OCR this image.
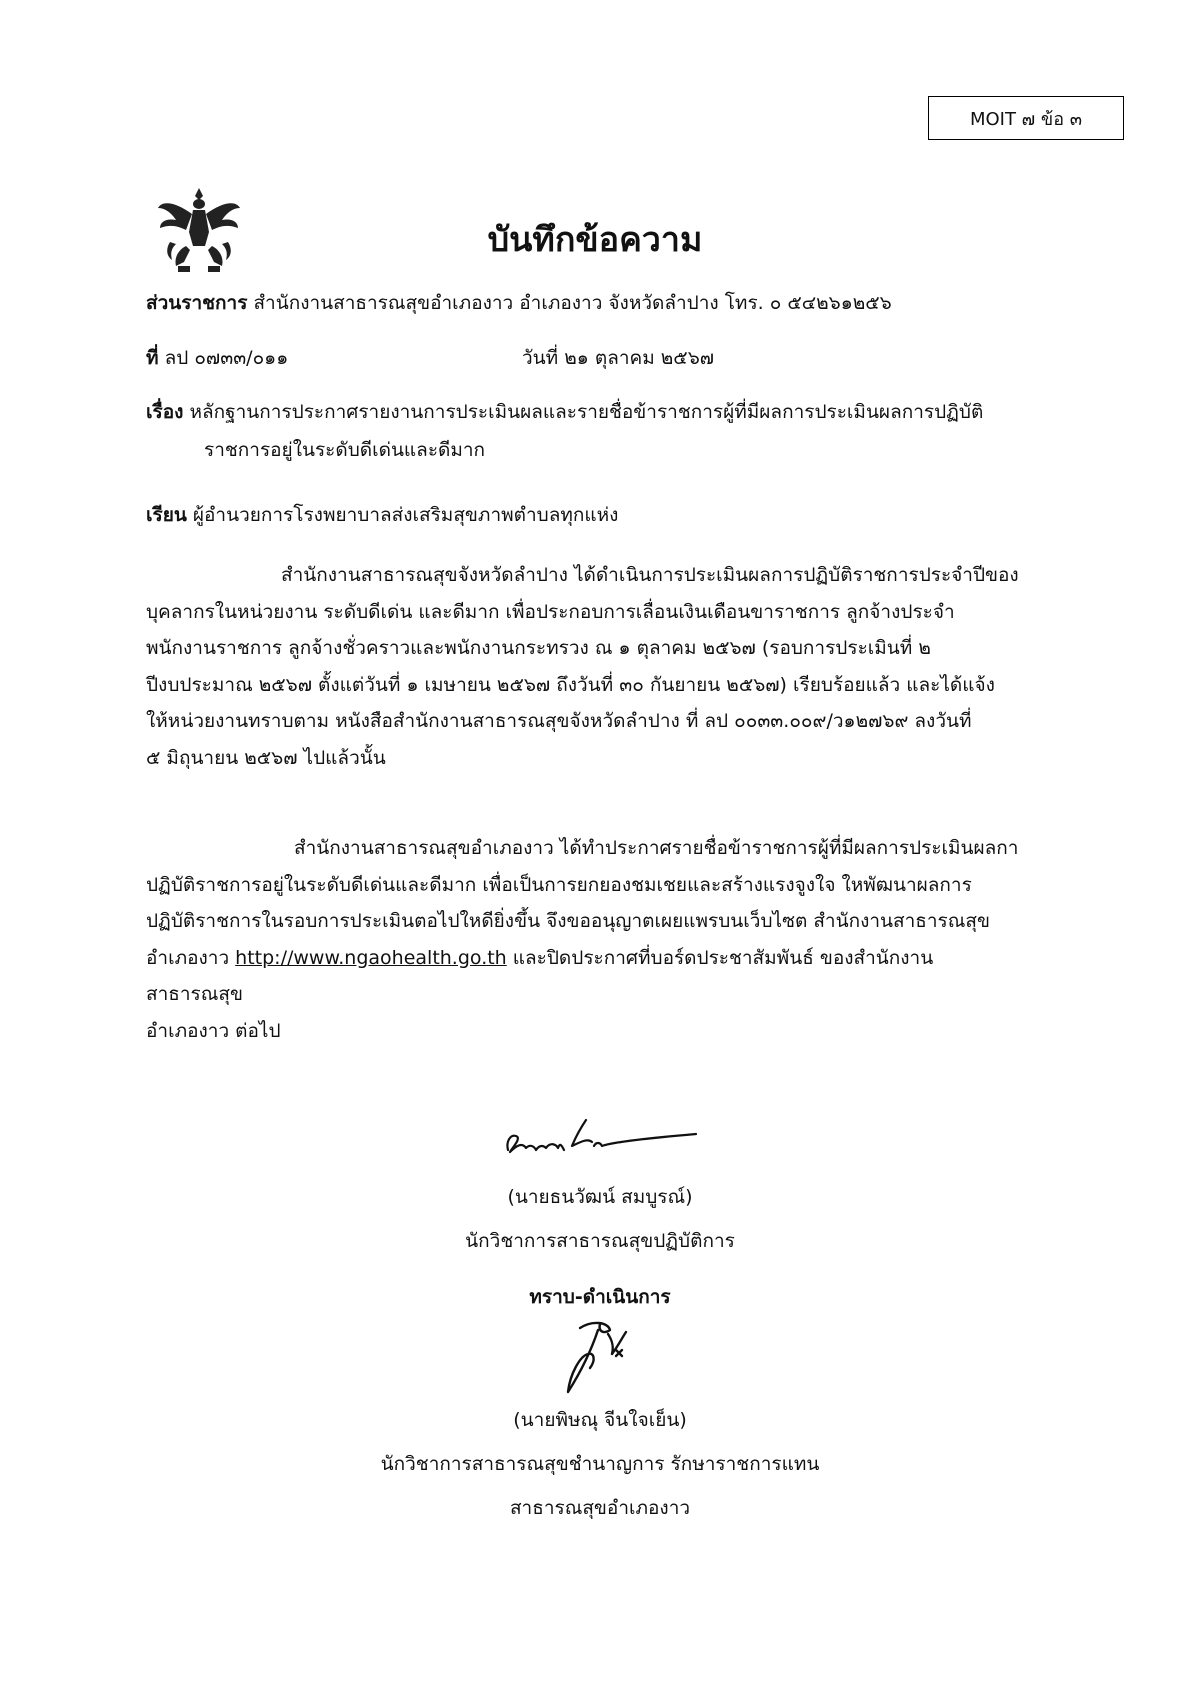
MOIT ๗ ข้อ ๓
บันทึกข้อความ
ส่วนราชการ สำนักงานสาธารณสุขอำเภองาว อำเภองาว จังหวัดลำปาง โทร. ๐ ๕๔๒๖๑๒๕๖
ที่ ลป ๐๗๓๓/๐๑๑	วันที่ ๒๑ ตุลาคม ๒๕๖๗
เรื่อง หลักฐานการประกาศรายงานการประเมินผลและรายชื่อข้าราชการผู้ที่มีผลการประเมินผลการปฏิบัติ
ราชการอยู่ในระดับดีเด่นและดีมาก
เรียน ผู้อำนวยการโรงพยาบาลส่งเสริมสุขภาพตำบลทุกแห่ง
สำนักงานสาธารณสุขจังหวัดลำปาง ได้ดำเนินการประเมินผลการปฏิบัติราชการประจำปีของ
บุคลากรในหน่วยงาน ระดับดีเด่น และดีมาก เพื่อประกอบการเลื่อนเงินเดือนขาราชการ ลูกจ้างประจำ
พนักงานราชการ ลูกจ้างชั่วคราวและพนักงานกระทรวง ณ ๑ ตุลาคม ๒๕๖๗ (รอบการประเมินที่ ๒
ปีงบประมาณ ๒๕๖๗ ตั้งแต่วันที่ ๑ เมษายน ๒๕๖๗ ถึงวันที่ ๓๐ กันยายน ๒๕๖๗) เรียบร้อยแล้ว และได้แจ้ง
ให้หน่วยงานทราบตาม หนังสือสำนักงานสาธารณสุขจังหวัดลำปาง ที่ ลป ๐๐๓๓.๐๐๙/ว๑๒๗๖๙ ลงวันที่
๕ มิถุนายน ๒๕๖๗ ไปแล้วนั้น
สำนักงานสาธารณสุขอำเภองาว ได้ทำประกาศรายชื่อข้าราชการผู้ที่มีผลการประเมินผลกา
ปฏิบัติราชการอยู่ในระดับดีเด่นและดีมาก เพื่อเป็นการยกยองชมเชยและสร้างแรงจูงใจ ใหพัฒนาผลการ
ปฏิบัติราชการในรอบการประเมินตอไปใหดียิ่งขึ้น จึงขออนุญาตเผยแพรบนเว็บไซต สำนักงานสาธารณสุข
อำเภองาว http://www.ngaohealth.go.th และปิดประกาศที่บอร์ดประชาสัมพันธ์ ของสำนักงาน
สาธารณสุข
อำเภองาว ต่อไป
(นายธนวัฒน์ สมบูรณ์)
นักวิชาการสาธารณสุขปฏิบัติการ
ทราบ-ดำเนินการ
(นายพิษณุ จีนใจเย็น)
นักวิชาการสาธารณสุขชำนาญการ รักษาราชการแทน
สาธารณสุขอำเภองาว
